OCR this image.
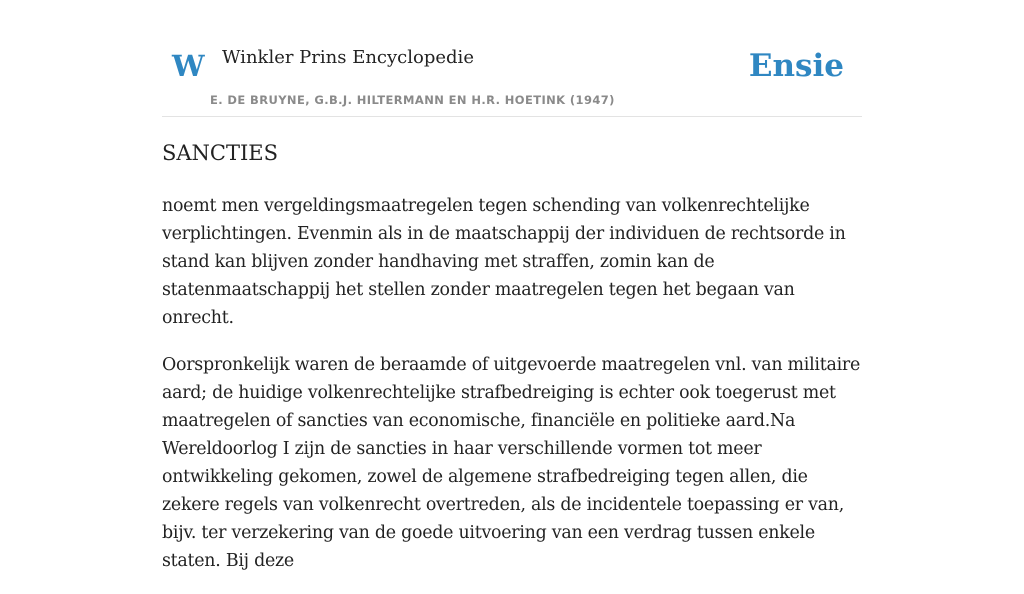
W Winkler Prins Encyclopedie
E. DE BRUYNE, G.B.J. HILTERMANN EN H.R. HOETINK (1947)
Ensie
SANCTIES

noemt men vergeldingsmaatregelen tegen schending van volkenrechtelijke verplichtingen. Evenmin als in de maatschappij der individuen de rechtsorde in stand kan blijven zonder handhaving met straffen, zomin kan de statenmaatschappij het stellen zonder maatregelen tegen het begaan van onrecht.

Oorspronkelijk waren de beraamde of uitgevoerde maatregelen vnl. van militaire aard; de huidige volkenrechtelijke strafbedreiging is echter ook toegerust met maatregelen of sancties van economische, financiële en politieke aard.Na Wereldoorlog I zijn de sancties in haar verschillende vormen tot meer ontwikkeling gekomen, zowel de algemene strafbedreiging tegen allen, die zekere regels van volkenrecht overtreden, als de incidentele toepassing er van, bijv. ter verzekering van de goede uitvoering van een verdrag tussen enkele staten. Bij deze
